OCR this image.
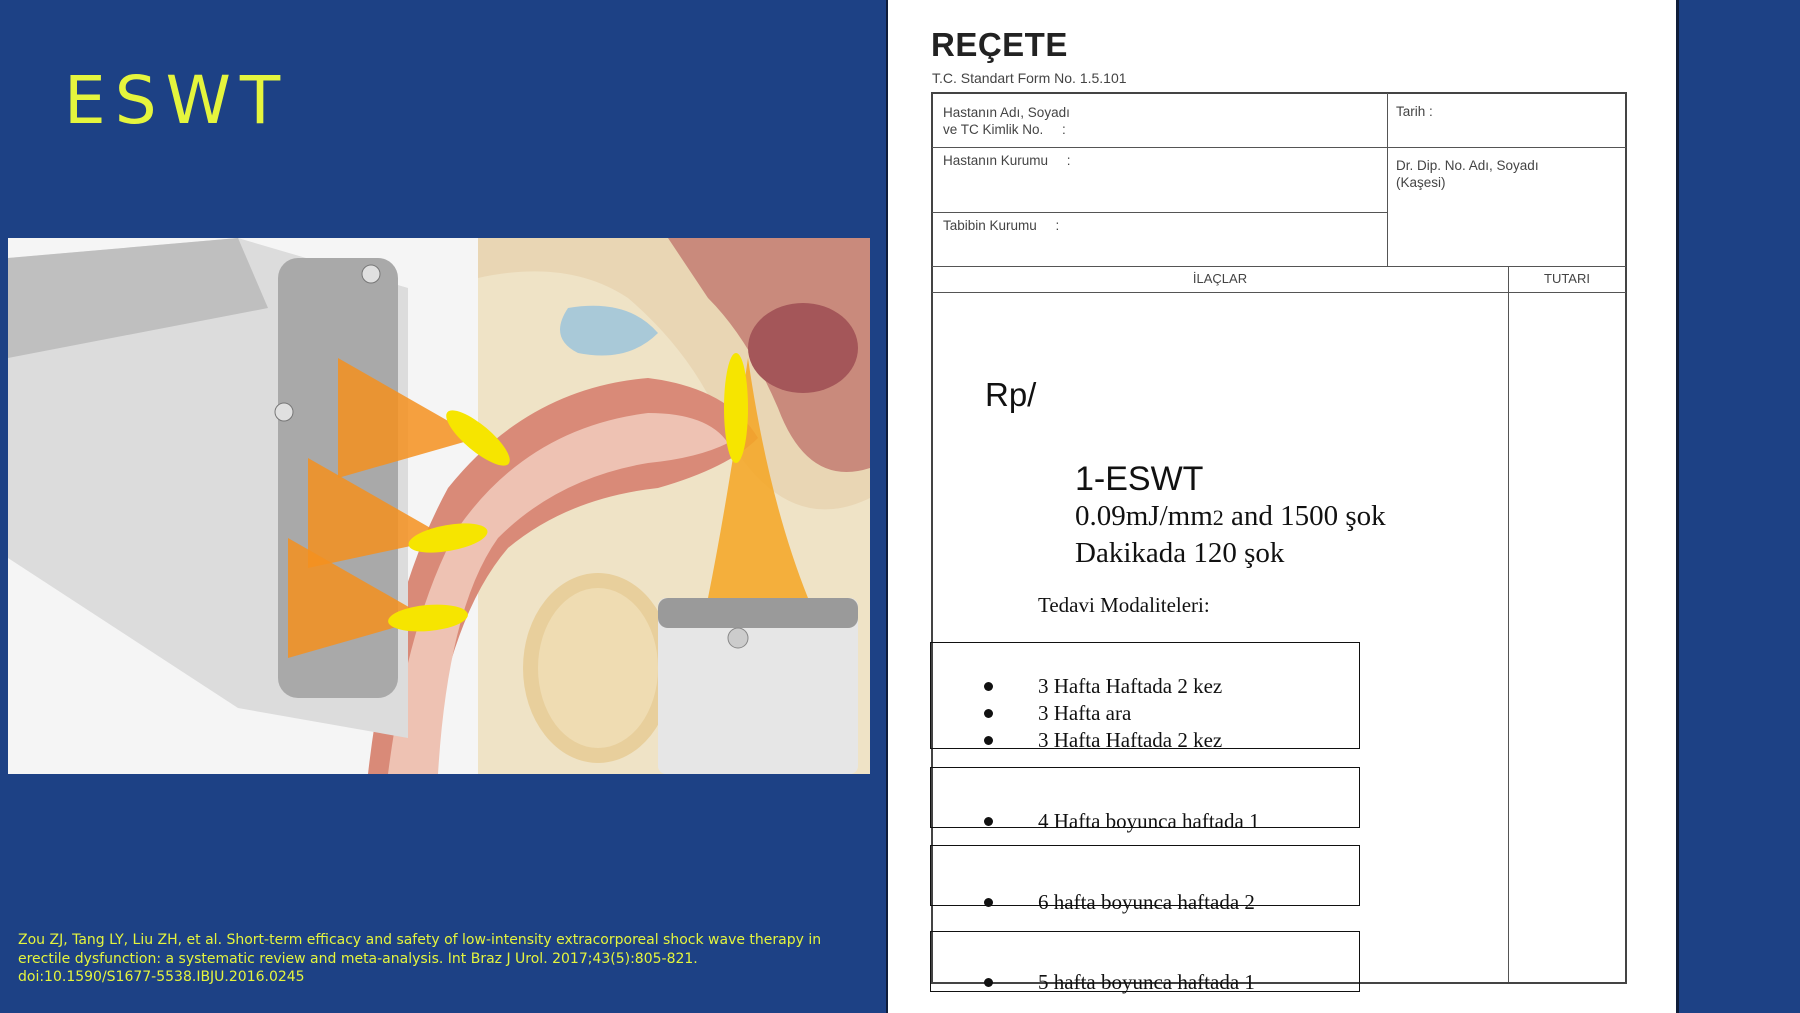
ESWT
Zou ZJ, Tang LY, Liu ZH, et al. Short-term efficacy and safety of low-intensity extracorporeal shock wave therapy in erectile dysfunction: a systematic review and meta-analysis. Int Braz J Urol. 2017;43(5):805-821. doi:10.1590/S1677-5538.IBJU.2016.0245
REÇETE
T.C. Standart Form No. 1.5.101
Hastanın Adı, Soyadı
ve TC Kimlik No.     :
Tarih :
Hastanın Kurumu     :	Dr. Dip. No. Adı, Soyadı
(Kaşesi)
Tabibin Kurumu     :
İLAÇLAR	TUTARI
Rp/
1-ESWT
0.09mJ/mm2 and 1500 şok
Dakikada 120 şok
Tedavi Modaliteleri:
3 Hafta Haftada 2 kez
3 Hafta ara
3 Hafta Haftada 2 kez
4 Hafta boyunca haftada 1
6 hafta boyunca haftada 2
5 hafta boyunca haftada 1
